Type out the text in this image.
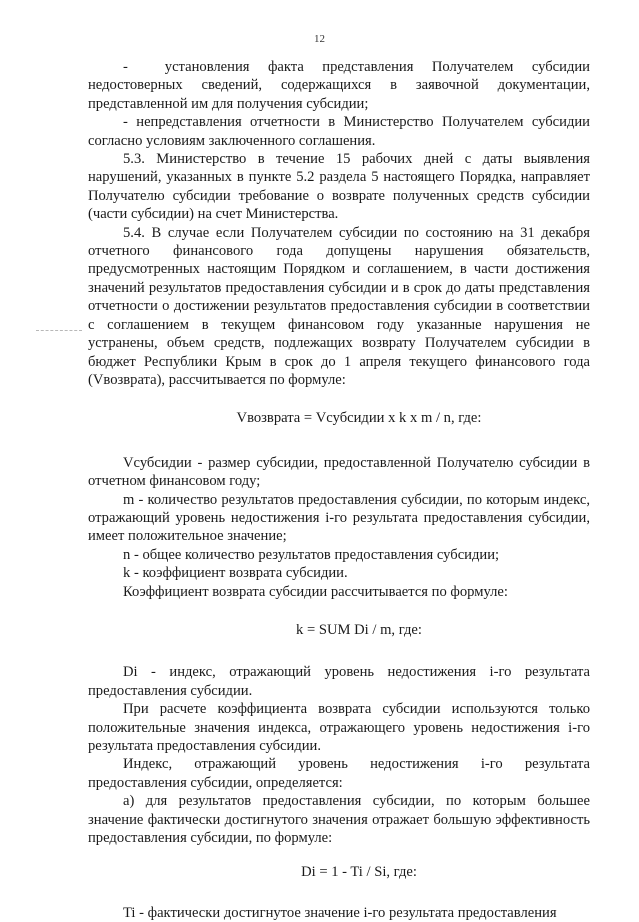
12

-  установления факта представления Получателем субсидии недостоверных сведений, содержащихся в заявочной документации, представленной им для получения субсидии;

- непредставления отчетности в Министерство Получателем субсидии согласно условиям заключенного соглашения.

5.3. Министерство в течение 15 рабочих дней с даты выявления нарушений, указанных в пункте 5.2 раздела 5 настоящего Порядка, направляет Получателю субсидии требование о возврате полученных средств субсидии (части субсидии) на счет Министерства.

5.4. В случае если Получателем субсидии по состоянию на 31 декабря отчетного финансового года допущены нарушения обязательств, предусмотренных настоящим Порядком и соглашением, в части достижения значений результатов предоставления субсидии и в срок до даты представления отчетности о достижении результатов предоставления субсидии в соответствии с соглашением в текущем финансовом году указанные нарушения не устранены, объем средств, подлежащих возврату Получателем субсидии в бюджет Республики Крым в срок до 1 апреля текущего финансового года (Vвозврата), рассчитывается по формуле:

Vвозврата = Vсубсидии x k x m / n, где:

Vсубсидии - размер субсидии, предоставленной Получателю субсидии в отчетном финансовом году;

m - количество результатов предоставления субсидии, по которым индекс, отражающий уровень недостижения i-го результата предоставления субсидии, имеет положительное значение;

n - общее количество результатов предоставления субсидии;

k - коэффициент возврата субсидии.

Коэффициент возврата субсидии рассчитывается по формуле:

k = SUM Di / m, где:

Di - индекс, отражающий уровень недостижения i-го результата предоставления субсидии.

При расчете коэффициента возврата субсидии используются только положительные значения индекса, отражающего уровень недостижения i-го результата предоставления субсидии.

Индекс, отражающий уровень недостижения i-го результата предоставления субсидии, определяется:

а) для результатов предоставления субсидии, по которым большее значение фактически достигнутого значения отражает большую эффективность предоставления субсидии, по формуле:

Di = 1 - Ti / Si, где:

Ti - фактически достигнутое значение i-го результата предоставления
